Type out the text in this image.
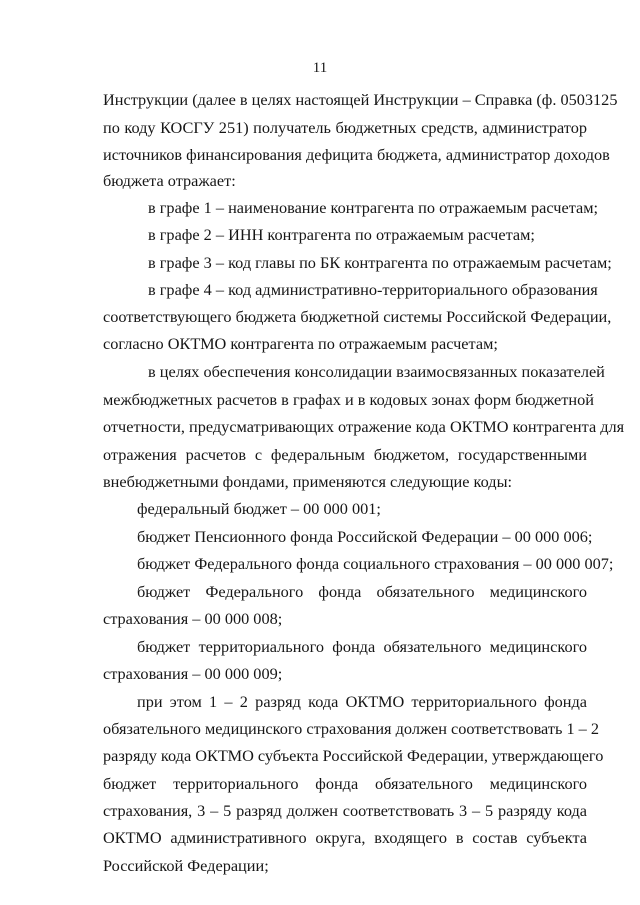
11
Инструкции (далее в целях настоящей Инструкции – Справка (ф. 0503125
по коду КОСГУ 251) получатель бюджетных средств, администратор
источников финансирования дефицита бюджета, администратор доходов
бюджета отражает:
в графе 1 – наименование контрагента по отражаемым расчетам;
в графе 2 – ИНН контрагента по отражаемым расчетам;
в графе 3 – код главы по БК контрагента по отражаемым расчетам;
в графе 4 – код административно-территориального образования
соответствующего бюджета бюджетной системы Российской Федерации,
согласно ОКТМО контрагента по отражаемым расчетам;
в целях обеспечения консолидации взаимосвязанных показателей
межбюджетных расчетов в графах и в кодовых зонах форм бюджетной
отчетности, предусматривающих отражение кода ОКТМО контрагента для
отражения расчетов с федеральным бюджетом, государственными
внебюджетными фондами, применяются следующие коды:
федеральный бюджет – 00 000 001;
бюджет Пенсионного фонда Российской Федерации – 00 000 006;
бюджет Федерального фонда социального страхования – 00 000 007;
бюджет Федерального фонда обязательного медицинского
страхования – 00 000 008;
бюджет территориального фонда обязательного медицинского
страхования – 00 000 009;
при этом 1 – 2 разряд кода ОКТМО территориального фонда
обязательного медицинского страхования должен соответствовать 1 – 2
разряду кода ОКТМО субъекта Российской Федерации, утверждающего
бюджет территориального фонда обязательного медицинского
страхования, 3 – 5 разряд должен соответствовать 3 – 5 разряду кода
ОКТМО административного округа, входящего в состав субъекта
Российской Федерации;
